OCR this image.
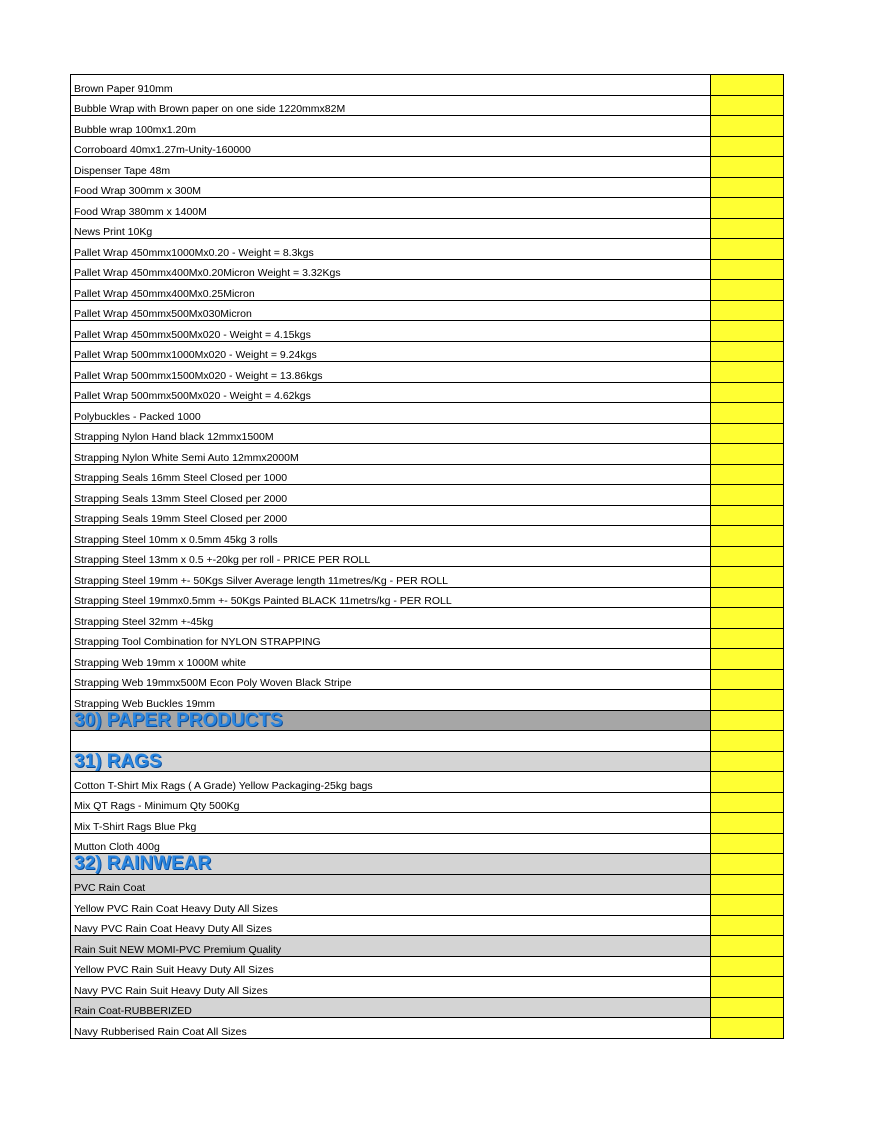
Brown Paper 910mm	
Bubble Wrap with Brown paper on one side 1220mmx82M	
Bubble wrap 100mx1.20m	
Corroboard 40mx1.27m-Unity-160000	
Dispenser Tape 48m	
Food Wrap 300mm x 300M	
Food Wrap 380mm x 1400M	
News Print 10Kg	
Pallet Wrap 450mmx1000Mx0.20 - Weight = 8.3kgs	
Pallet Wrap 450mmx400Mx0.20Micron Weight = 3.32Kgs	
Pallet Wrap 450mmx400Mx0.25Micron	
Pallet Wrap 450mmx500Mx030Micron	
Pallet Wrap 450mmx500Mx020 - Weight = 4.15kgs	
Pallet Wrap 500mmx1000Mx020 - Weight = 9.24kgs	
Pallet Wrap 500mmx1500Mx020 - Weight = 13.86kgs	
Pallet Wrap 500mmx500Mx020 - Weight = 4.62kgs	
Polybuckles - Packed 1000	
Strapping Nylon Hand black 12mmx1500M	
Strapping Nylon White Semi Auto 12mmx2000M	
Strapping Seals 16mm Steel Closed per 1000	
Strapping Seals 13mm Steel Closed per 2000	
Strapping Seals 19mm Steel Closed per 2000	
Strapping Steel 10mm x 0.5mm 45kg 3 rolls	
Strapping Steel 13mm x 0.5 +-20kg per roll - PRICE PER ROLL	
Strapping Steel 19mm +- 50Kgs Silver Average length 11metres/Kg - PER ROLL	
Strapping Steel 19mmx0.5mm +- 50Kgs Painted BLACK 11metrs/kg - PER ROLL	
Strapping Steel 32mm +-45kg	
Strapping Tool Combination for NYLON STRAPPING	
Strapping Web 19mm x 1000M white	
Strapping Web 19mmx500M Econ Poly Woven Black Stripe	
Strapping Web Buckles 19mm	
30) PAPER PRODUCTS	

31) RAGS	
Cotton T-Shirt Mix Rags ( A Grade) Yellow Packaging-25kg bags	
Mix QT Rags - Minimum Qty 500Kg	
Mix T-Shirt Rags Blue Pkg	
Mutton Cloth 400g	
32) RAINWEAR	
PVC Rain Coat	
Yellow PVC Rain Coat Heavy Duty All Sizes	
Navy PVC Rain Coat Heavy Duty All Sizes	
Rain Suit NEW MOMI-PVC Premium Quality	
Yellow PVC Rain Suit Heavy Duty All Sizes	
Navy PVC Rain Suit Heavy Duty All Sizes	
Rain Coat-RUBBERIZED	
Navy Rubberised Rain Coat All Sizes	
